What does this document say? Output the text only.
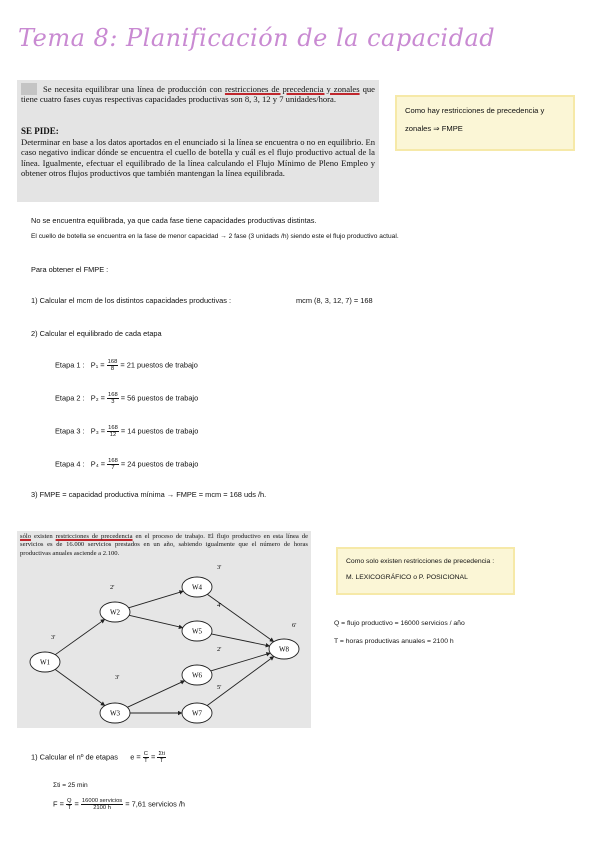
Tema 8: Planificación de la capacidad

Se necesita equilibrar una línea de producción con restricciones de precedencia y zonales que tiene cuatro fases cuyas respectivas capacidades productivas son 8, 3, 12 y 7 unidades/hora.

SE PIDE:

Determinar en base a los datos aportados en el enunciado si la línea se encuentra o no en equilibrio. En caso negativo indicar dónde se encuentra el cuello de botella y cuál es el flujo productivo actual de la línea. Igualmente, efectuar el equilibrado de la línea calculando el Flujo Mínimo de Pleno Empleo y obtener otros flujos productivos que también mantengan la línea equilibrada.

Como hay restricciones de precedencia y
zonales ⇒ FMPE
No se encuentra equilibrada, ya que cada fase tiene capacidades productivas distintas.
El cuello de botella se encuentra en la fase de menor capacidad → 2 fase (3 unidads /h) siendo este el flujo productivo actual.
Para obtener el FMPE :
1) Calcular el mcm de los distintos capacidades productivas :	mcm (8, 3, 12, 7) = 168
2) Calcular el equilibrado de cada etapa
Etapa 1 : $P_1 = \frac{168}{8} = 21$ puestos de trabajo
Etapa 2 : $P_2 = \frac{168}{3} = 56$ puestos de trabajo
Etapa 3 : $P_3 = \frac{168}{12} = 14$ puestos de trabajo
Etapa 4 : $P_4 = \frac{168}{7} = 24$ puestos de trabajo
3) FMPE = capacidad productiva mínima → FMPE = mcm = 168 uds /h.
sólo existen restricciones de precedencia en el proceso de trabajo. El flujo productivo en esta línea de servicios es de 16.000 servicios prestados en un año, sabiendo igualmente que el número de horas productivas anuales asciende a 2.100.
W1
3'
W2
2'
W3
3'
W4
3'
W5
4'
W6
2'
W7
5'
W8
6'
Como solo existen restricciones de precedencia :
M. LEXICOGRÁFICO o P. POSICIONAL
Q = flujo productivo = 16000 servicios / año
T = horas productivas anuales = 2100 h
1) Calcular el nº de etapas $e = \frac{C}{T} = \frac{\text{Σti}}{T}$
Σti = 25 min
$F = \frac{Q}{T} = \frac{\text{16000 servicios}}{2100 h} = 7,61$ servicios /h
